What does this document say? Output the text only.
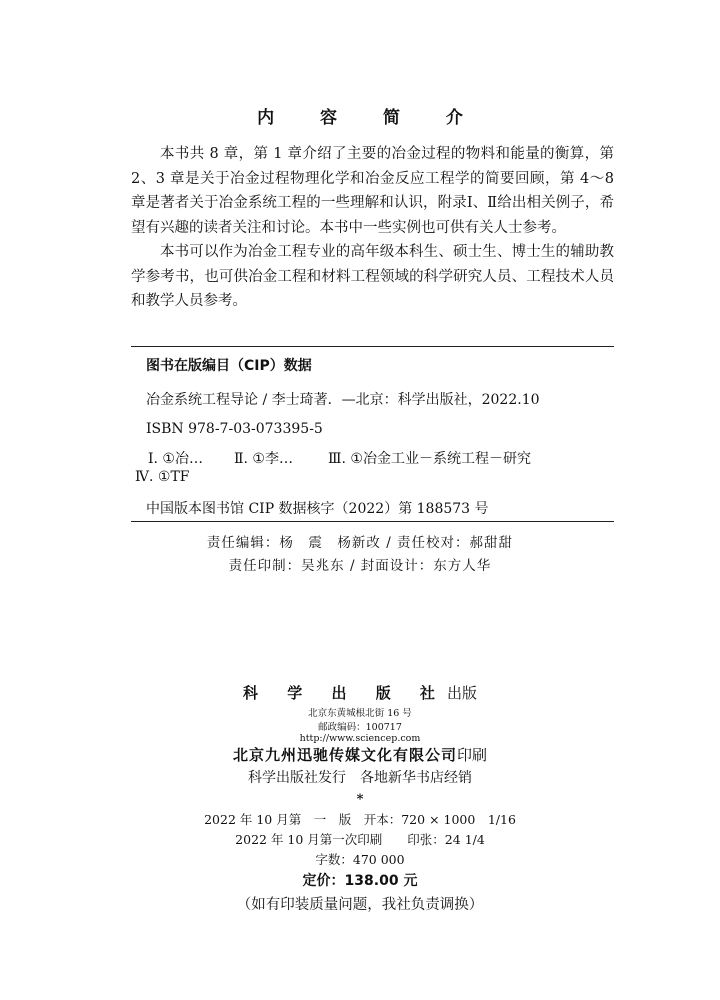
内 容 简 介

本书共 8 章，第 1 章介绍了主要的冶金过程的物料和能量的衡算，第 2、3 章是关于冶金过程物理化学和冶金反应工程学的简要回顾，第 4～8 章是著者关于冶金系统工程的一些理解和认识，附录Ⅰ、Ⅱ给出相关例子，希望有兴趣的读者关注和讨论。本书中一些实例也可供有关人士参考。

本书可以作为冶金工程专业的高年级本科生、硕士生、博士生的辅助教学参考书，也可供冶金工程和材料工程领域的科学研究人员、工程技术人员和教学人员参考。

图书在版编目（CIP）数据
冶金系统工程导论 / 李士琦著．—北京：科学出版社，2022.10
ISBN 978-7-03-073395-5
Ⅰ. ①冶… Ⅱ. ①李…	Ⅲ. ①冶金工业－系统工程－研究
Ⅳ. ①TF
中国版本图书馆 CIP 数据核字（2022）第 188573 号
责任编辑：杨　震　杨新改 / 责任校对：郝甜甜
责任印制：吴兆东 / 封面设计：东方人华
科 学 出 版 社出版
北京东黄城根北街 16 号
邮政编码：100717
http://www.sciencep.com
北京九州迅驰传媒文化有限公司印刷
科学出版社发行　各地新华书店经销
*
2022 年 10 月第　一　版　开本：720 × 1000　1/16
2022 年 10 月第一次印刷　　印张：24 1/4
字数：470 000
定价：138.00 元
（如有印装质量问题，我社负责调换）
